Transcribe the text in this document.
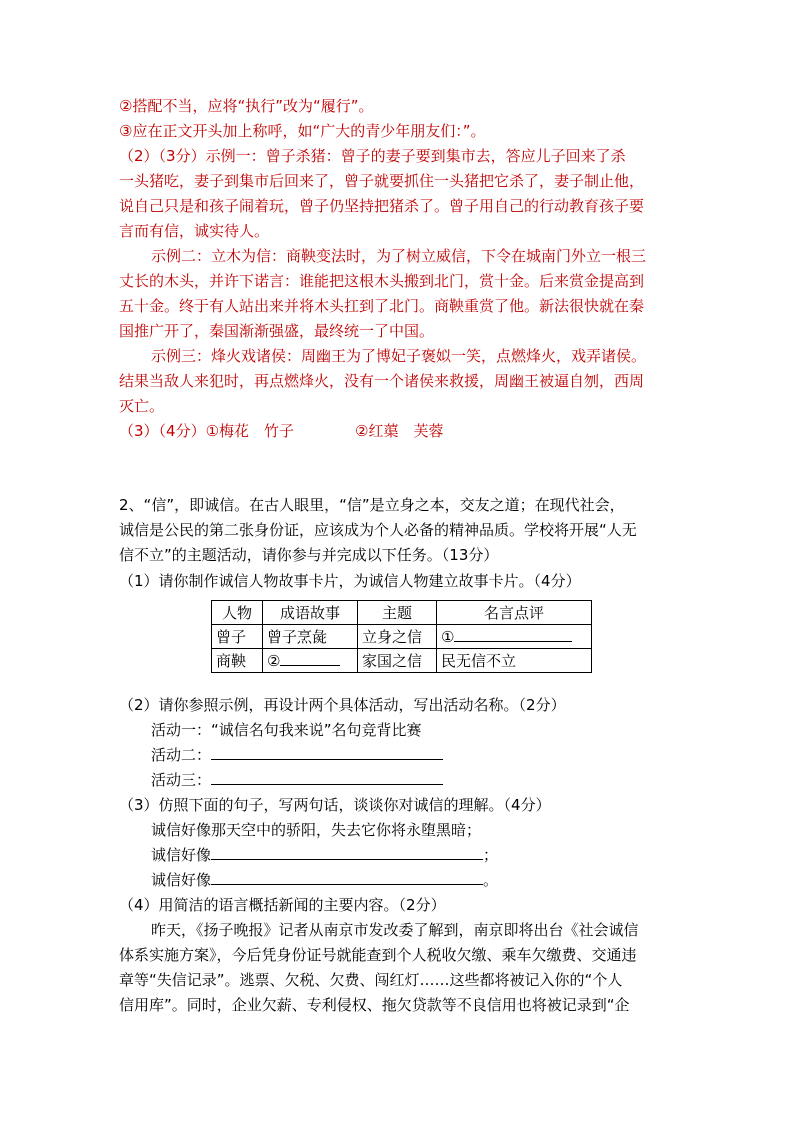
②搭配不当，应将“执行”改为“履行”。
③应在正文开头加上称呼，如“广大的青少年朋友们：”。
（2）（3分）示例一：曾子杀猪：曾子的妻子要到集市去，答应儿子回来了杀
一头猪吃，妻子到集市后回来了，曾子就要抓住一头猪把它杀了，妻子制止他，
说自己只是和孩子闹着玩，曾子仍坚持把猪杀了。曾子用自己的行动教育孩子要
言而有信，诚实待人。
示例二：立木为信：商鞅变法时，为了树立威信，下令在城南门外立一根三
丈长的木头，并许下诺言：谁能把这根木头搬到北门，赏十金。后来赏金提高到
五十金。终于有人站出来并将木头扛到了北门。商鞅重赏了他。新法很快就在秦
国推广开了，秦国渐渐强盛，最终统一了中国。
示例三：烽火戏诸侯：周幽王为了博妃子褒姒一笑，点燃烽火，戏弄诸侯。
结果当敌人来犯时，再点燃烽火，没有一个诸侯来救援，周幽王被逼自刎，西周
灭亡。
（3）（4分）①梅花　竹子	②红蕖　芙蓉
2、“信”，即诚信。在古人眼里，“信”是立身之本，交友之道；在现代社会，
诚信是公民的第二张身份证，应该成为个人必备的精神品质。学校将开展“人无
信不立”的主题活动，请你参与并完成以下任务。（13分）
（1）请你制作诚信人物故事卡片，为诚信人物建立故事卡片。（4分）
人物	成语故事	主题	名言点评
曾子	曾子烹彘	立身之信	①
商鞅	②	家国之信	民无信不立
（2）请你参照示例，再设计两个具体活动，写出活动名称。（2分）
活动一：“诚信名句我来说”名句竞背比赛
活动二：
活动三：
（3）仿照下面的句子，写两句话，谈谈你对诚信的理解。（4分）
诚信好像那天空中的骄阳，失去它你将永堕黑暗；
诚信好像	；
诚信好像	。
（4）用简洁的语言概括新闻的主要内容。（2分）
昨天，《扬子晚报》记者从南京市发改委了解到，南京即将出台《社会诚信
体系实施方案》，今后凭身份证号就能查到个人税收欠缴、乘车欠缴费、交通违
章等“失信记录”。逃票、欠税、欠费、闯红灯……这些都将被记入你的“个人
信用库”。同时，企业欠薪、专利侵权、拖欠贷款等不良信用也将被记录到“企
